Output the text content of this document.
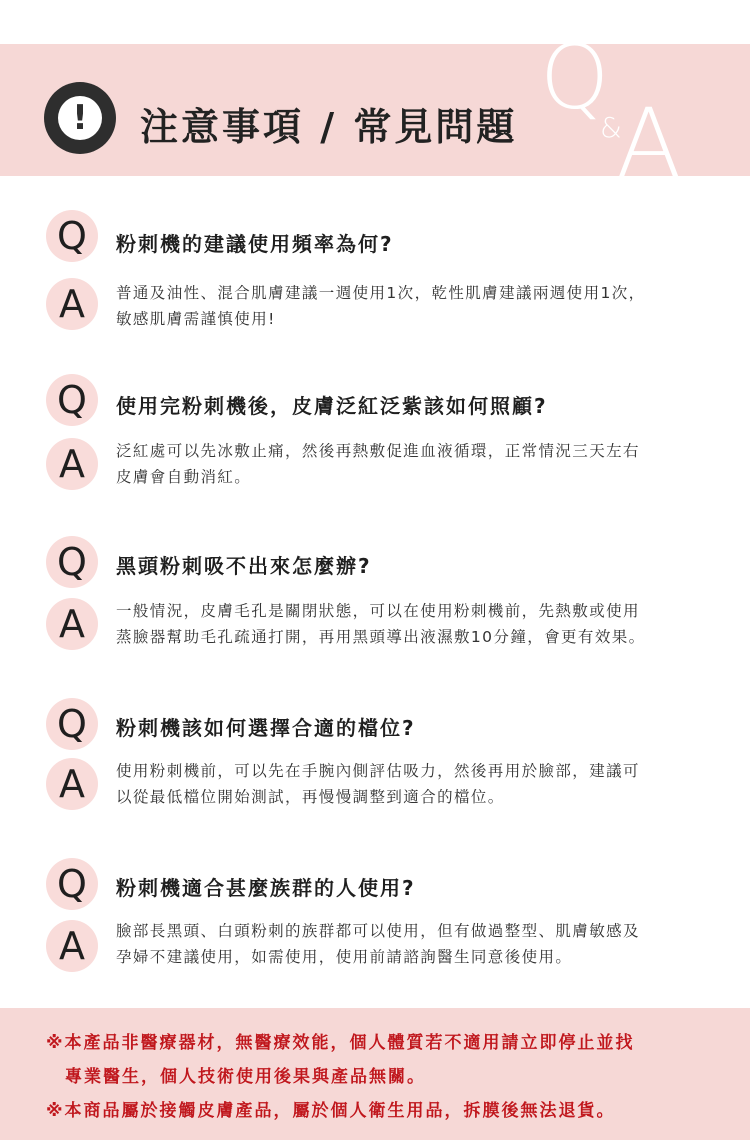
!	注意事項 / 常見問題 Q
&
A
Q	粉刺機的建議使用頻率為何?
A	普通及油性、混合肌膚建議一週使用1次，乾性肌膚建議兩週使用1次，
敏感肌膚需謹慎使用!
Q	使用完粉刺機後，皮膚泛紅泛紫該如何照顧?
A	泛紅處可以先冰敷止痛，然後再熱敷促進血液循環，正常情況三天左右
皮膚會自動消紅。
Q	黑頭粉刺吸不出來怎麼辦?
A	一般情況，皮膚毛孔是關閉狀態，可以在使用粉刺機前，先熱敷或使用
蒸臉器幫助毛孔疏通打開，再用黑頭導出液濕敷10分鐘，會更有效果。
Q	粉刺機該如何選擇合適的檔位?
A	使用粉刺機前，可以先在手腕內側評估吸力，然後再用於臉部，建議可
以從最低檔位開始測試，再慢慢調整到適合的檔位。
Q	粉刺機適合甚麼族群的人使用?
A	臉部長黑頭、白頭粉刺的族群都可以使用，但有做過整型、肌膚敏感及
孕婦不建議使用，如需使用，使用前請諮詢醫生同意後使用。
※本產品非醫療器材，無醫療效能，個人體質若不適用請立即停止並找
　專業醫生，個人技術使用後果與產品無關。
※本商品屬於接觸皮膚產品，屬於個人衛生用品，拆膜後無法退貨。
